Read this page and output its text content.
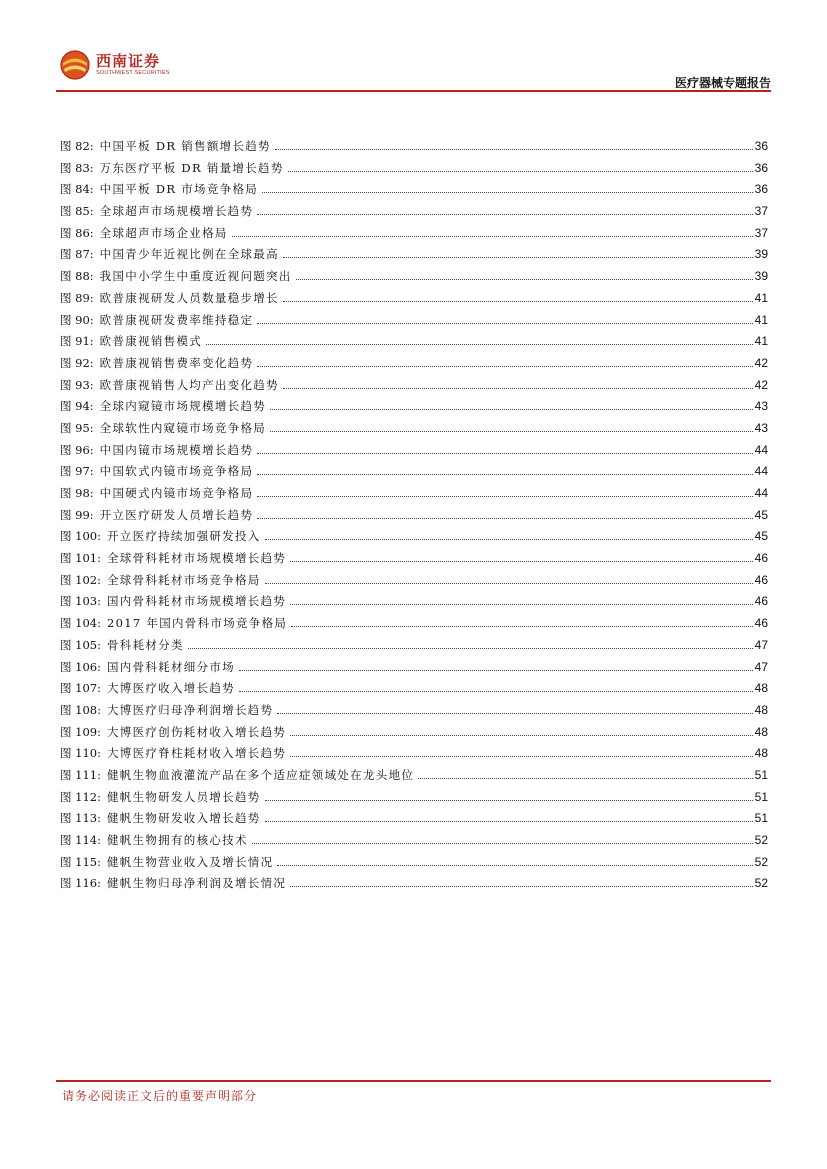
西南证券
SOUTHWEST SECURITIES
医疗器械专题报告
图 82: 中国平板 DR 销售额增长趋势	36
图 83: 万东医疗平板 DR 销量增长趋势	36
图 84: 中国平板 DR 市场竞争格局	36
图 85: 全球超声市场规模增长趋势	37
图 86: 全球超声市场企业格局	37
图 87: 中国青少年近视比例在全球最高	39
图 88: 我国中小学生中重度近视问题突出	39
图 89: 欧普康视研发人员数量稳步增长	41
图 90: 欧普康视研发费率维持稳定	41
图 91: 欧普康视销售模式	41
图 92: 欧普康视销售费率变化趋势	42
图 93: 欧普康视销售人均产出变化趋势	42
图 94: 全球内窥镜市场规模增长趋势	43
图 95: 全球软性内窥镜市场竞争格局	43
图 96: 中国内镜市场规模增长趋势	44
图 97: 中国软式内镜市场竞争格局	44
图 98: 中国硬式内镜市场竞争格局	44
图 99: 开立医疗研发人员增长趋势	45
图 100: 开立医疗持续加强研发投入	45
图 101: 全球骨科耗材市场规模增长趋势	46
图 102: 全球骨科耗材市场竞争格局	46
图 103: 国内骨科耗材市场规模增长趋势	46
图 104: 2017 年国内骨科市场竞争格局	46
图 105: 骨科耗材分类	47
图 106: 国内骨科耗材细分市场	47
图 107: 大博医疗收入增长趋势	48
图 108: 大博医疗归母净利润增长趋势	48
图 109: 大博医疗创伤耗材收入增长趋势	48
图 110: 大博医疗脊柱耗材收入增长趋势	48
图 111: 健帆生物血液灌流产品在多个适应症领域处在龙头地位	51
图 112: 健帆生物研发人员增长趋势	51
图 113: 健帆生物研发收入增长趋势	51
图 114: 健帆生物拥有的核心技术	52
图 115: 健帆生物营业收入及增长情况	52
图 116: 健帆生物归母净利润及增长情况	52
请务必阅读正文后的重要声明部分
